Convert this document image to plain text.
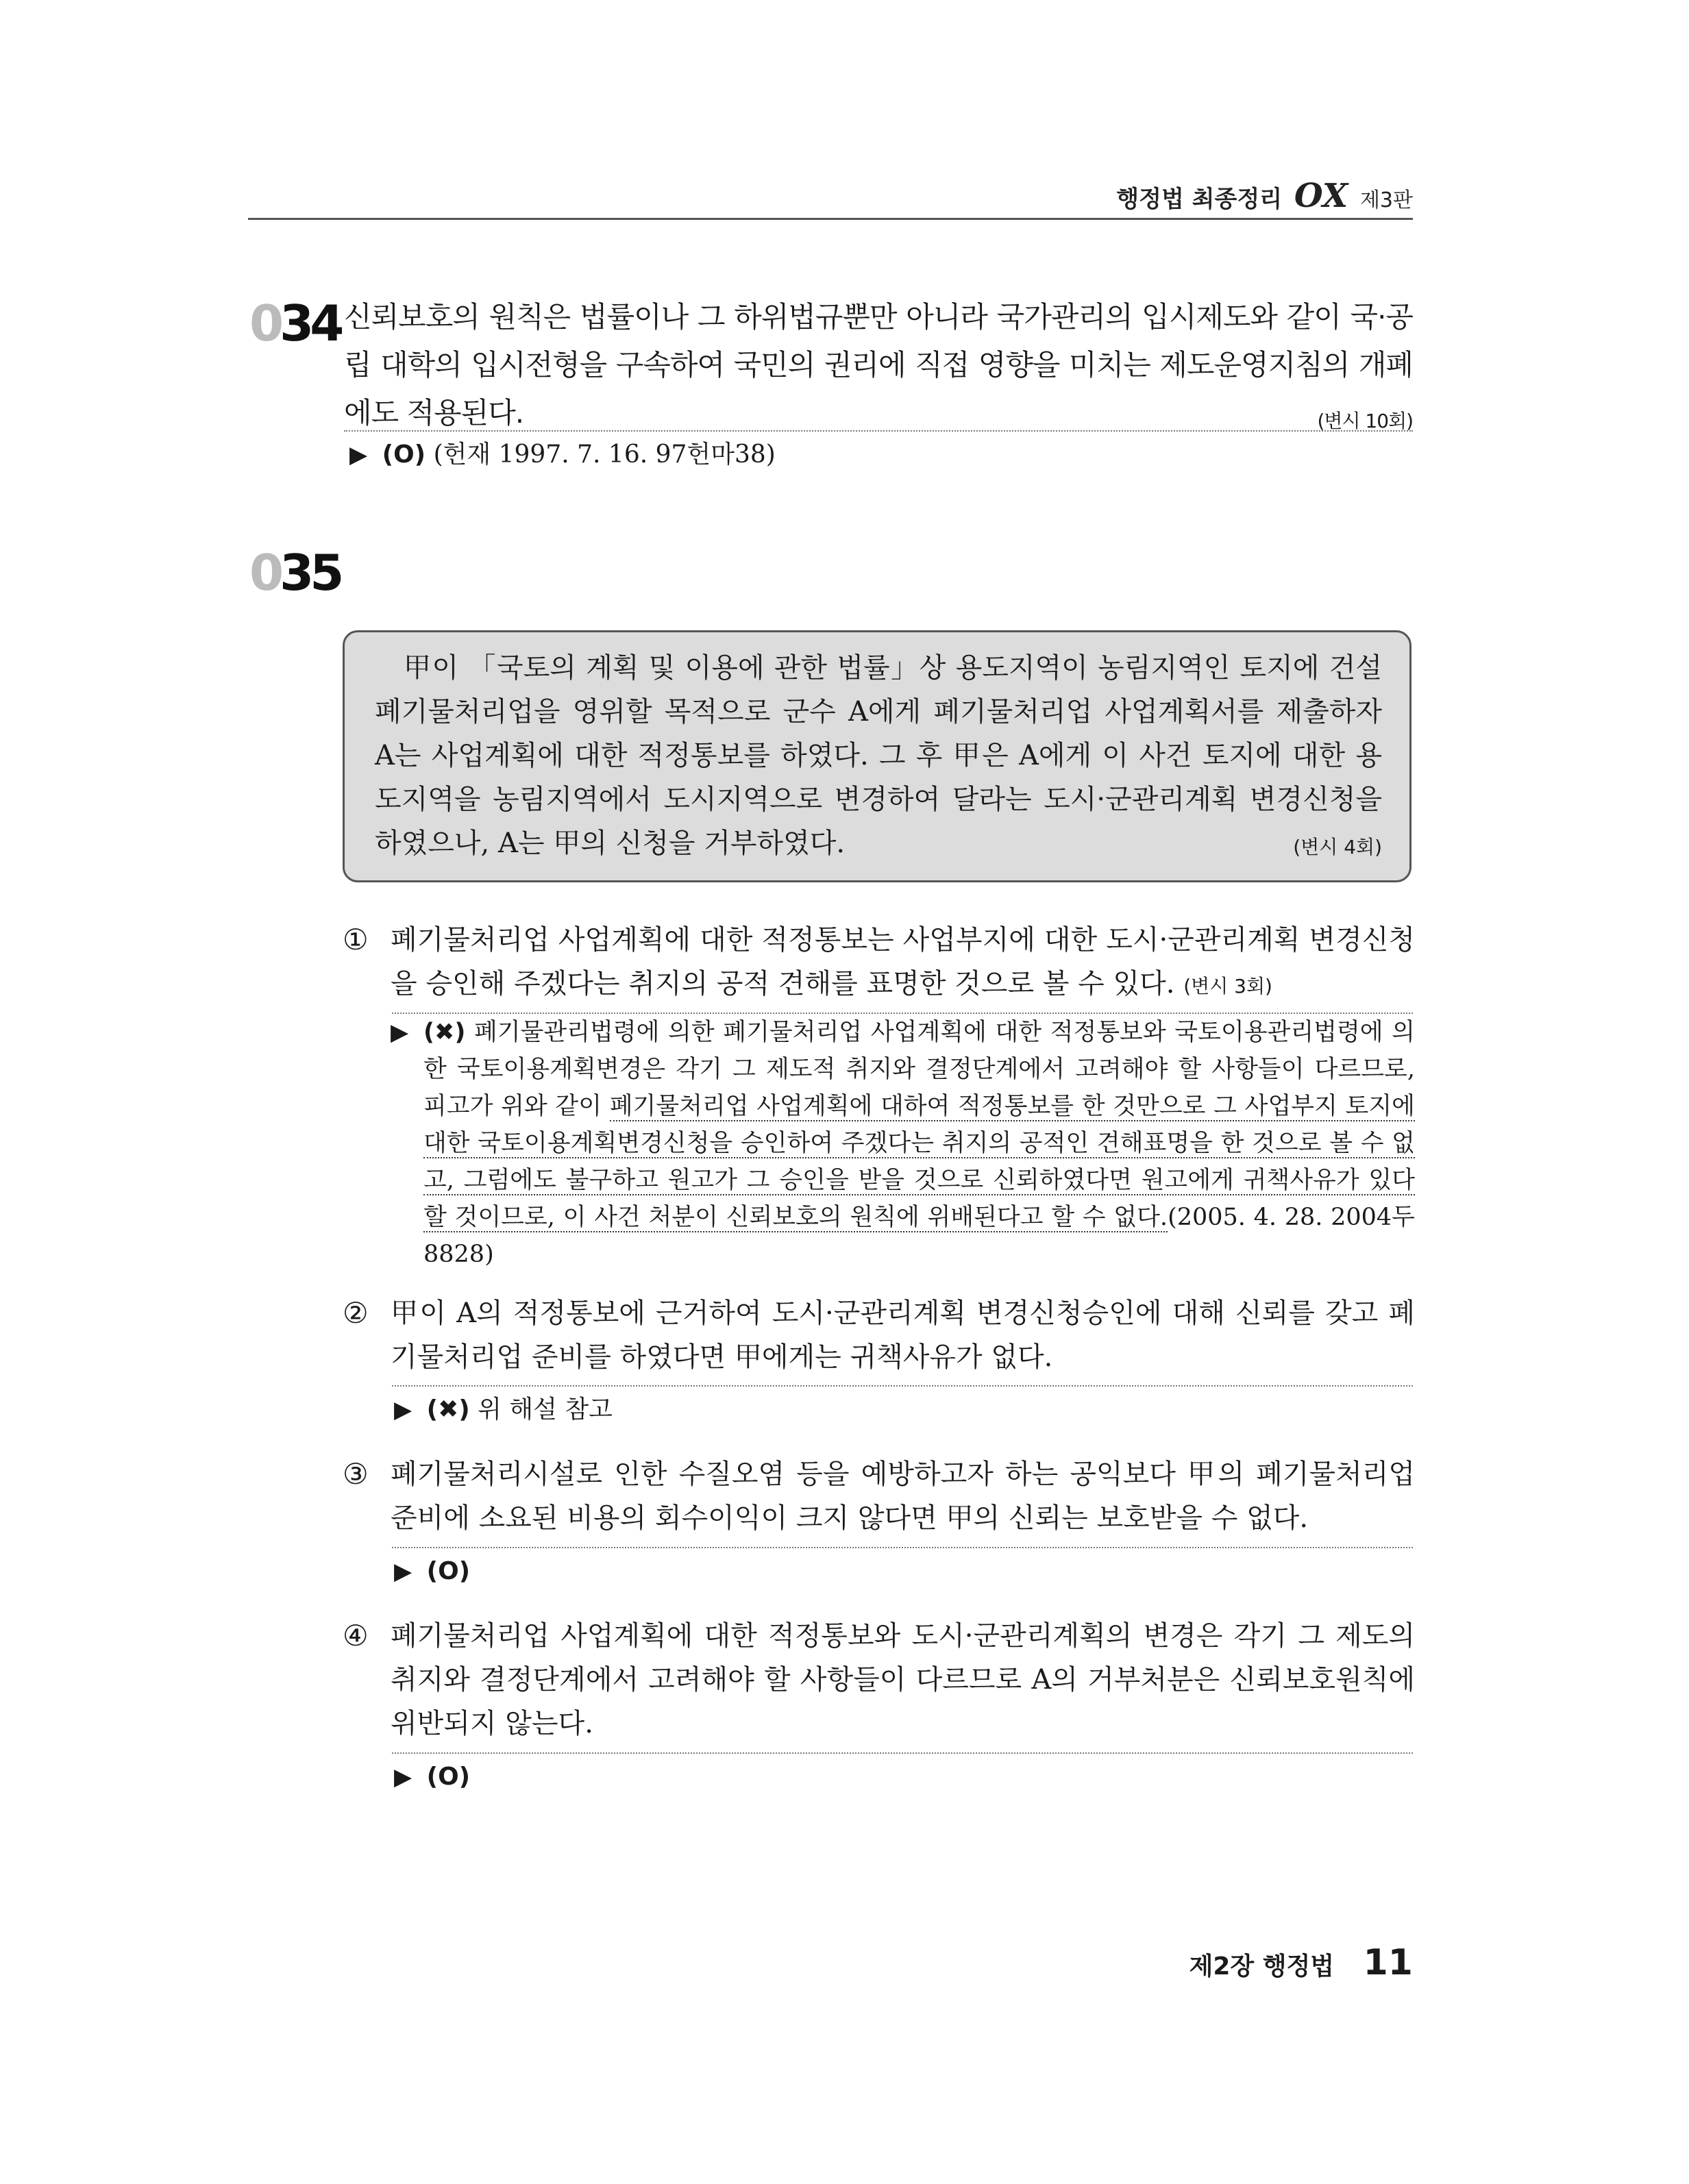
행정법 최종정리 OX 제3판
034 신뢰보호의 원칙은 법률이나 그 하위법규뿐만 아니라 국가관리의 입시제도와 같이 국·공립 대학의 입시전형을 구속하여 국민의 권리에 직접 영향을 미치는 제도운영지침의 개폐에도 적용된다.	(변시 10회)
▶ (O) (헌재 1997. 7. 16. 97헌마38)
035
甲이 「국토의 계획 및 이용에 관한 법률」상 용도지역이 농림지역인 토지에 건설폐기물처리업을 영위할 목적으로 군수 A에게 폐기물처리업 사업계획서를 제출하자 A는 사업계획에 대한 적정통보를 하였다. 그 후 甲은 A에게 이 사건 토지에 대한 용도지역을 농림지역에서 도시지역으로 변경하여 달라는 도시·군관리계획 변경신청을 하였으나, A는 甲의 신청을 거부하였다.	(변시 4회)
① 폐기물처리업 사업계획에 대한 적정통보는 사업부지에 대한 도시·군관리계획 변경신청을 승인해 주겠다는 취지의 공적 견해를 표명한 것으로 볼 수 있다. (변시 3회)
▶ (✖) 폐기물관리법령에 의한 폐기물처리업 사업계획에 대한 적정통보와 국토이용관리법령에 의한 국토이용계획변경은 각기 그 제도적 취지와 결정단계에서 고려해야 할 사항들이 다르므로, 피고가 위와 같이 폐기물처리업 사업계획에 대하여 적정통보를 한 것만으로 그 사업부지 토지에 대한 국토이용계획변경신청을 승인하여 주겠다는 취지의 공적인 견해표명을 한 것으로 볼 수 없고, 그럼에도 불구하고 원고가 그 승인을 받을 것으로 신뢰하였다면 원고에게 귀책사유가 있다 할 것이므로, 이 사건 처분이 신뢰보호의 원칙에 위배된다고 할 수 없다.(2005. 4. 28. 2004두8828)
② 甲이 A의 적정통보에 근거하여 도시·군관리계획 변경신청승인에 대해 신뢰를 갖고 폐기물처리업 준비를 하였다면 甲에게는 귀책사유가 없다.
▶ (✖) 위 해설 참고
③ 폐기물처리시설로 인한 수질오염 등을 예방하고자 하는 공익보다 甲의 폐기물처리업 준비에 소요된 비용의 회수이익이 크지 않다면 甲의 신뢰는 보호받을 수 없다.
▶ (O)
④ 폐기물처리업 사업계획에 대한 적정통보와 도시·군관리계획의 변경은 각기 그 제도의 취지와 결정단계에서 고려해야 할 사항들이 다르므로 A의 거부처분은 신뢰보호원칙에 위반되지 않는다.
▶ (O)
제2장 행정법 11
